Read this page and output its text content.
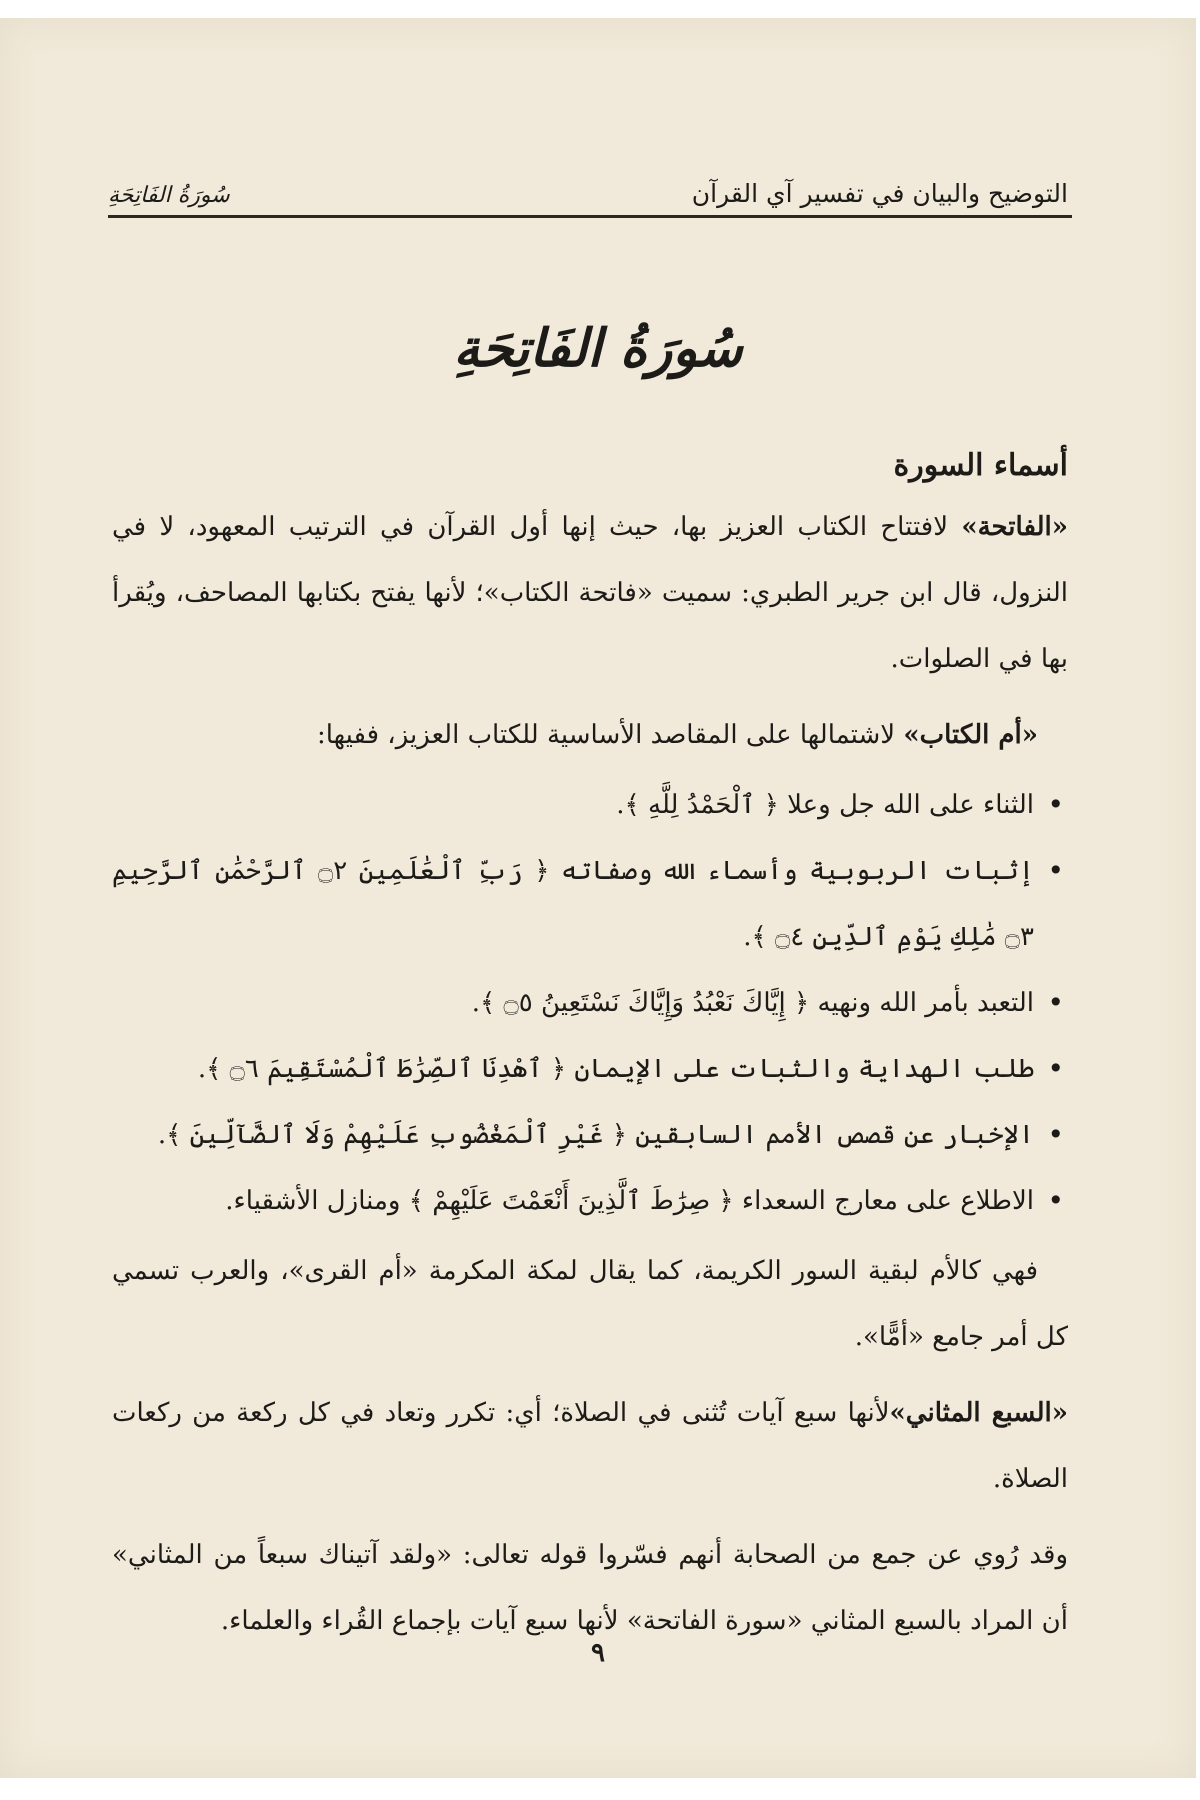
التوضيح والبيان في تفسير آي القرآن
سُورَةُ الفَاتِحَةِ
سُورَةُ الفَاتِحَةِ

أسماء السورة

«الفاتحة» لافتتاح الكتاب العزيز بها، حيث إنها أول القرآن في الترتيب المعهود، لا في النزول، قال ابن جرير الطبري: سميت «فاتحة الكتاب»؛ لأنها يفتح بكتابها المصاحف، ويُقرأ بها في الصلوات.

«أم الكتاب» لاشتمالها على المقاصد الأساسية للكتاب العزيز، ففيها:

• الثناء على الله جل وعلا ﴿ ٱلْحَمْدُ لِلَّهِ ﴾.
• إثبات الربوبية وأسماء الله وصفاته ﴿ رَبِّ ٱلْعَٰلَمِينَ ۝٢ ٱلرَّحْمَٰنِ ٱلرَّحِيمِ ۝٣ مَٰلِكِ يَوْمِ ٱلدِّينِ ۝٤ ﴾.
• التعبد بأمر الله ونهيه ﴿ إِيَّاكَ نَعْبُدُ وَإِيَّاكَ نَسْتَعِينُ ۝٥ ﴾.
• طلب الهداية والثبات على الإيمان ﴿ ٱهْدِنَا ٱلصِّرَٰطَ ٱلْمُسْتَقِيمَ ۝٦ ﴾.
• الإخبار عن قصص الأمم السابقين ﴿ غَيْرِ ٱلْمَغْضُوبِ عَلَيْهِمْ وَلَا ٱلضَّآلِّينَ ﴾.
• الاطلاع على معارج السعداء ﴿ صِرَٰطَ ٱلَّذِينَ أَنْعَمْتَ عَلَيْهِمْ ﴾ ومنازل الأشقياء.

فهي كالأم لبقية السور الكريمة، كما يقال لمكة المكرمة «أم القرى»، والعرب تسمي كل أمر جامع «أمًّا».

«السبع المثاني»لأنها سبع آيات تُثنى في الصلاة؛ أي: تكرر وتعاد في كل ركعة من ركعات الصلاة.

وقد رُوي عن جمع من الصحابة أنهم فسّروا قوله تعالى: «ولقد آتيناك سبعاً من المثاني» أن المراد بالسبع المثاني «سورة الفاتحة» لأنها سبع آيات بإجماع القُراء والعلماء.

٩
